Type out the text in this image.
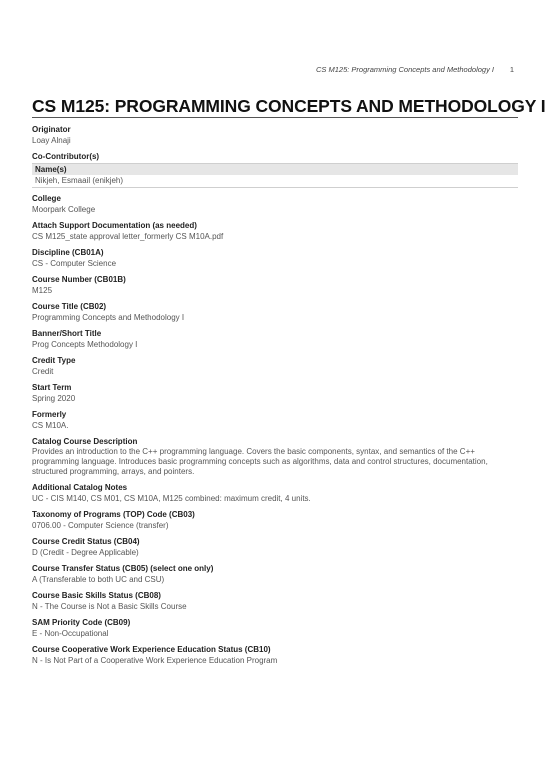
CS M125: Programming Concepts and Methodology I 1
CS M125: PROGRAMMING CONCEPTS AND METHODOLOGY I
Originator
Loay Alnaji
Co-Contributor(s)
Name(s)
Nikjeh, Esmaail (enikjeh)
College
Moorpark College
Attach Support Documentation (as needed)
CS M125_state approval letter_formerly CS M10A.pdf
Discipline (CB01A)
CS - Computer Science
Course Number (CB01B)
M125
Course Title (CB02)
Programming Concepts and Methodology I
Banner/Short Title
Prog Concepts Methodology I
Credit Type
Credit
Start Term
Spring 2020
Formerly
CS M10A.
Catalog Course Description
Provides an introduction to the C++ programming language. Covers the basic components, syntax, and semantics of the C++ programming language. Introduces basic programming concepts such as algorithms, data and control structures, documentation, structured programming, arrays, and pointers.
Additional Catalog Notes
UC - CIS M140, CS M01, CS M10A, M125 combined: maximum credit, 4 units.
Taxonomy of Programs (TOP) Code (CB03)
0706.00 - Computer Science (transfer)
Course Credit Status (CB04)
D (Credit - Degree Applicable)
Course Transfer Status (CB05) (select one only)
A (Transferable to both UC and CSU)
Course Basic Skills Status (CB08)
N - The Course is Not a Basic Skills Course
SAM Priority Code (CB09)
E - Non-Occupational
Course Cooperative Work Experience Education Status (CB10)
N - Is Not Part of a Cooperative Work Experience Education Program
